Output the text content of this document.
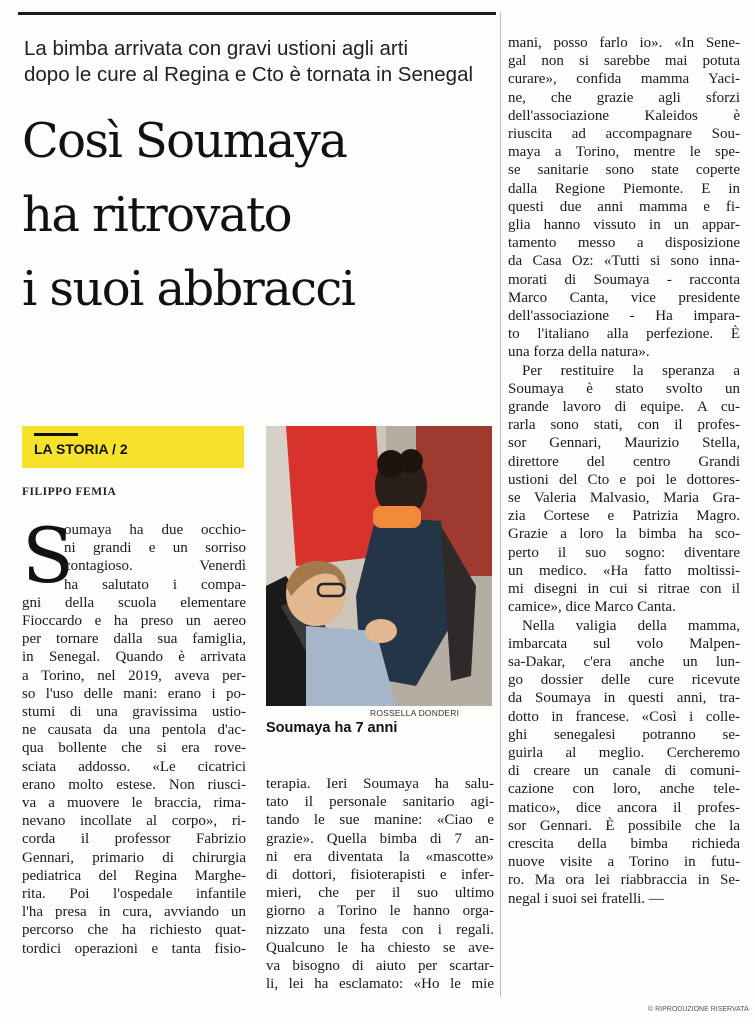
La bimba arrivata con gravi ustioni agli arti
dopo le cure al Regina e Cto è tornata in Senegal
Così Soumaya
ha ritrovato
i suoi abbracci
LA STORIA / 2
FILIPPO FEMIA
S
oumaya ha due occhio-
ni grandi e un sorriso
contagioso. Venerdì
ha salutato i compa-
gni della scuola elementare
Fioccardo e ha preso un aereo
per tornare dalla sua famiglia,
in Senegal. Quando è arrivata
a Torino, nel 2019, aveva per-
so l'uso delle mani: erano i po-
stumi di una gravissima ustio-
ne causata da una pentola d'ac-
qua bollente che si era rove-
sciata addosso. «Le cicatrici
erano molto estese. Non riusci-
va a muovere le braccia, rima-
nevano incollate al corpo», ri-
corda il professor Fabrizio
Gennari, primario di chirurgia
pediatrica del Regina Marghe-
rita. Poi l'ospedale infantile
l'ha presa in cura, avviando un
percorso che ha richiesto quat-
tordici operazioni e tanta fisio-
ROSSELLA DONDERI
Soumaya ha 7 anni
terapia. Ieri Soumaya ha salu-
tato il personale sanitario agi-
tando le sue manine: «Ciao e
grazie». Quella bimba di 7 an-
ni era diventata la «mascotte»
di dottori, fisioterapisti e infer-
mieri, che per il suo ultimo
giorno a Torino le hanno orga-
nizzato una festa con i regali.
Qualcuno le ha chiesto se ave-
va bisogno di aiuto per scartar-
li, lei ha esclamato: «Ho le mie
mani, posso farlo io». «In Sene-
gal non si sarebbe mai potuta
curare», confida mamma Yaci-
ne, che grazie agli sforzi
dell'associazione Kaleidos è
riuscita ad accompagnare Sou-
maya a Torino, mentre le spe-
se sanitarie sono state coperte
dalla Regione Piemonte. E in
questi due anni mamma e fi-
glia hanno vissuto in un appar-
tamento messo a disposizione
da Casa Oz: «Tutti si sono inna-
morati di Soumaya - racconta
Marco Canta, vice presidente
dell'associazione - Ha impara-
to l'italiano alla perfezione. È
una forza della natura».
Per restituire la speranza a
Soumaya è stato svolto un
grande lavoro di equipe. A cu-
rarla sono stati, con il profes-
sor Gennari, Maurizio Stella,
direttore del centro Grandi
ustioni del Cto e poi le dottores-
se Valeria Malvasio, Maria Gra-
zia Cortese e Patrizia Magro.
Grazie a loro la bimba ha sco-
perto il suo sogno: diventare
un medico. «Ha fatto moltissi-
mi disegni in cui si ritrae con il
camice», dice Marco Canta.
Nella valigia della mamma,
imbarcata sul volo Malpen-
sa-Dakar, c'era anche un lun-
go dossier delle cure ricevute
da Soumaya in questi anni, tra-
dotto in francese. «Così i colle-
ghi senegalesi potranno se-
guirla al meglio. Cercheremo
di creare un canale di comuni-
cazione con loro, anche tele-
matico», dice ancora il profes-
sor Gennari. È possibile che la
crescita della bimba richieda
nuove visite a Torino in futu-
ro. Ma ora lei riabbraccia in Se-
negal i suoi sei fratelli. —
© RIPRODUZIONE RISERVATA
